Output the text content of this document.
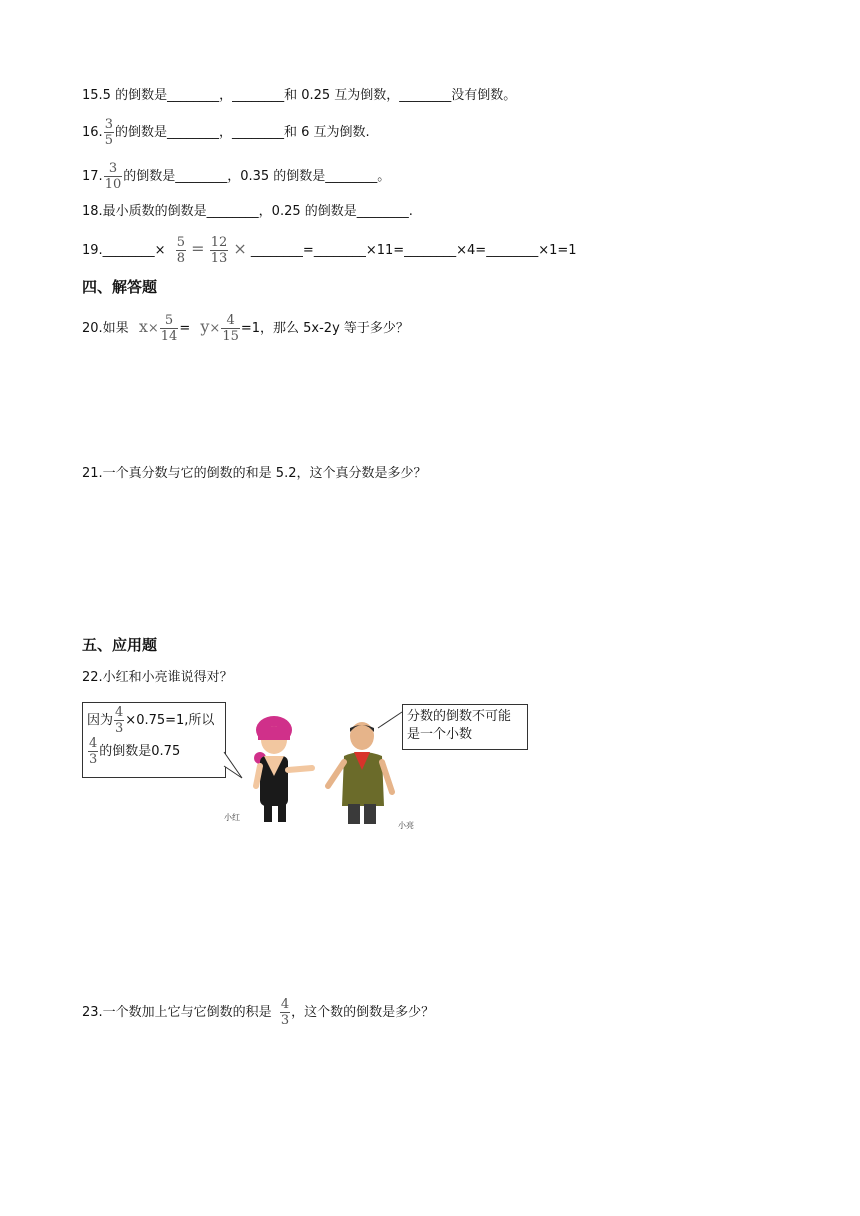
15.5 的倒数是________，________和 0.25 互为倒数，________没有倒数。
16. $\frac{3}{5}$ 的倒数是________，________和 6 互为倒数.
17. $\frac{3}{10}$ 的倒数是________，0.35 的倒数是________。
18.最小质数的倒数是________，0.25 的倒数是________.
19.________× $\frac{5}{8} = \frac{12}{13}$ × ________=________×11=________×4=________×1=1
四、解答题
20.如果 $x\times \frac{5}{14} = y\times \frac{4}{15} =1$，那么 5x-2y 等于多少？
21.一个真分数与它的倒数的和是 5.2，这个真分数是多少？
五、应用题
22.小红和小亮谁说得对？
因为 $\frac{4}{3} \times 0.75=1$,所以
$\frac{4}{3}$ 的倒数是0.75
分数的倒数不可能
是一个小数
小红
小亮
23.一个数加上它与它倒数的积是 $\frac{4}{3}$ ，这个数的倒数是多少？
